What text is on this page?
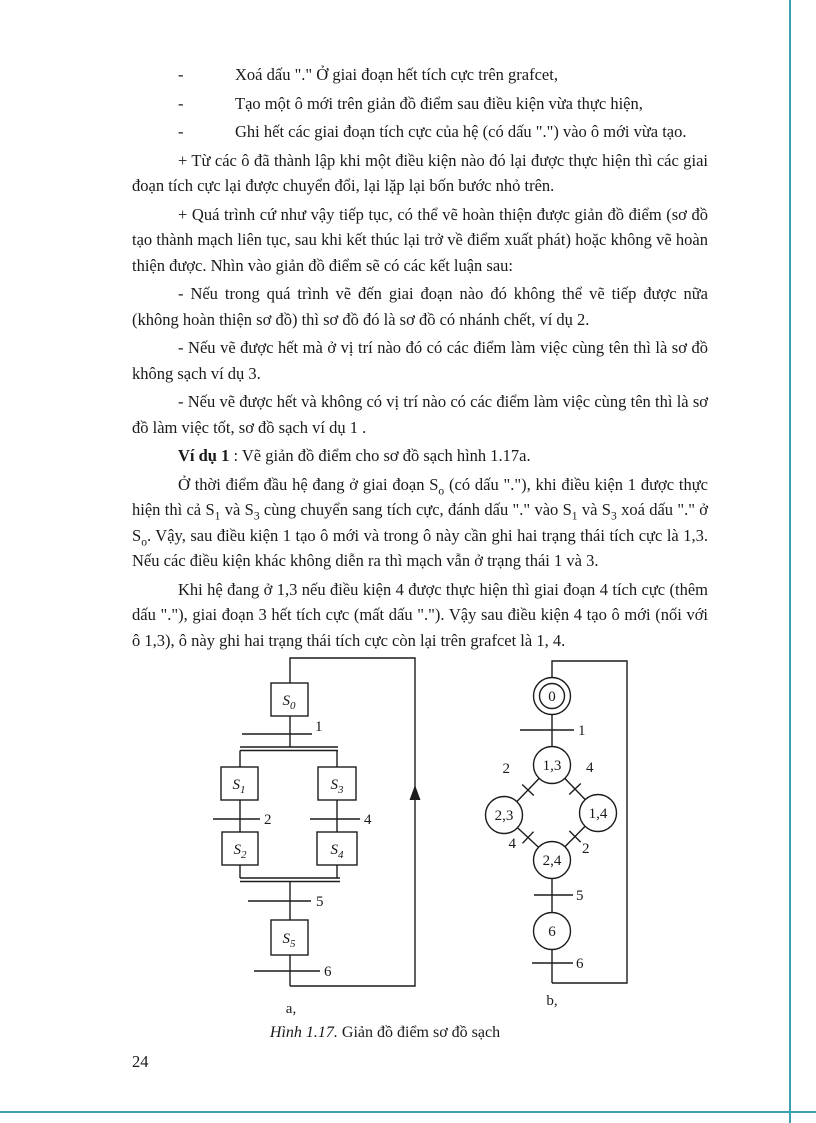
-	Xoá dấu "." Ở giai đoạn hết tích cực trên grafcet,
-	Tạo một ô mới trên giản đồ điểm sau điều kiện vừa thực hiện,
-	Ghi hết các giai đoạn tích cực của hệ (có dấu ".") vào ô mới vừa tạo.

+ Từ các ô đã thành lập khi một điều kiện nào đó lại được thực hiện thì các giai đoạn tích cực lại được chuyển đổi, lại lặp lại bốn bước nhỏ trên.

+ Quá trình cứ như vậy tiếp tục, có thể vẽ hoàn thiện được giản đồ điểm (sơ đồ tạo thành mạch liên tục, sau khi kết thúc lại trở về điểm xuất phát) hoặc không vẽ hoàn thiện được. Nhìn vào giản đồ điểm sẽ có các kết luận sau:

- Nếu trong quá trình vẽ đến giai đoạn nào đó không thể vẽ tiếp được nữa (không hoàn thiện sơ đồ) thì sơ đồ đó là sơ đồ có nhánh chết, ví dụ 2.

- Nếu vẽ được hết mà ở vị trí nào đó có các điểm làm việc cùng tên thì là sơ đồ không sạch ví dụ 3.

- Nếu vẽ được hết và không có vị trí nào có các điểm làm việc cùng tên thì là sơ đồ làm việc tốt, sơ đồ sạch ví dụ 1 .

Ví dụ 1 : Vẽ giản đồ điểm cho sơ đồ sạch hình 1.17a.

Ở thời điểm đầu hệ đang ở giai đoạn $S_o$ (có dấu "."), khi điều kiện 1 được thực hiện thì cả $S_1$ và $S_3$ cùng chuyển sang tích cực, đánh dấu "." vào $S_1$ và $S_3$ xoá dấu "." ở $S_o$. Vậy, sau điều kiện 1 tạo ô mới và trong ô này cần ghi hai trạng thái tích cực là 1,3. Nếu các điều kiện khác không diễn ra thì mạch vẫn ở trạng thái 1 và 3.

Khi hệ đang ở 1,3 nếu điều kiện 4 được thực hiện thì giai đoạn 4 tích cực (thêm dấu "."), giai đoạn 3 hết tích cực (mất dấu "."). Vậy sau điều kiện 4 tạo ô mới (nối với ô 1,3), ô này ghi hai trạng thái tích cực còn lại trên grafcet là 1, 4.

$S_0$
$S_1$	$S_3$
$S_2$	$S_4$
$S_5$
1
2	4
5
6
a,
0
1,3
2,3	1,4
2,4
6
1
2	4
4	2
5
6
b,
Hình 1.17. Giản đồ điểm sơ đồ sạch
24
